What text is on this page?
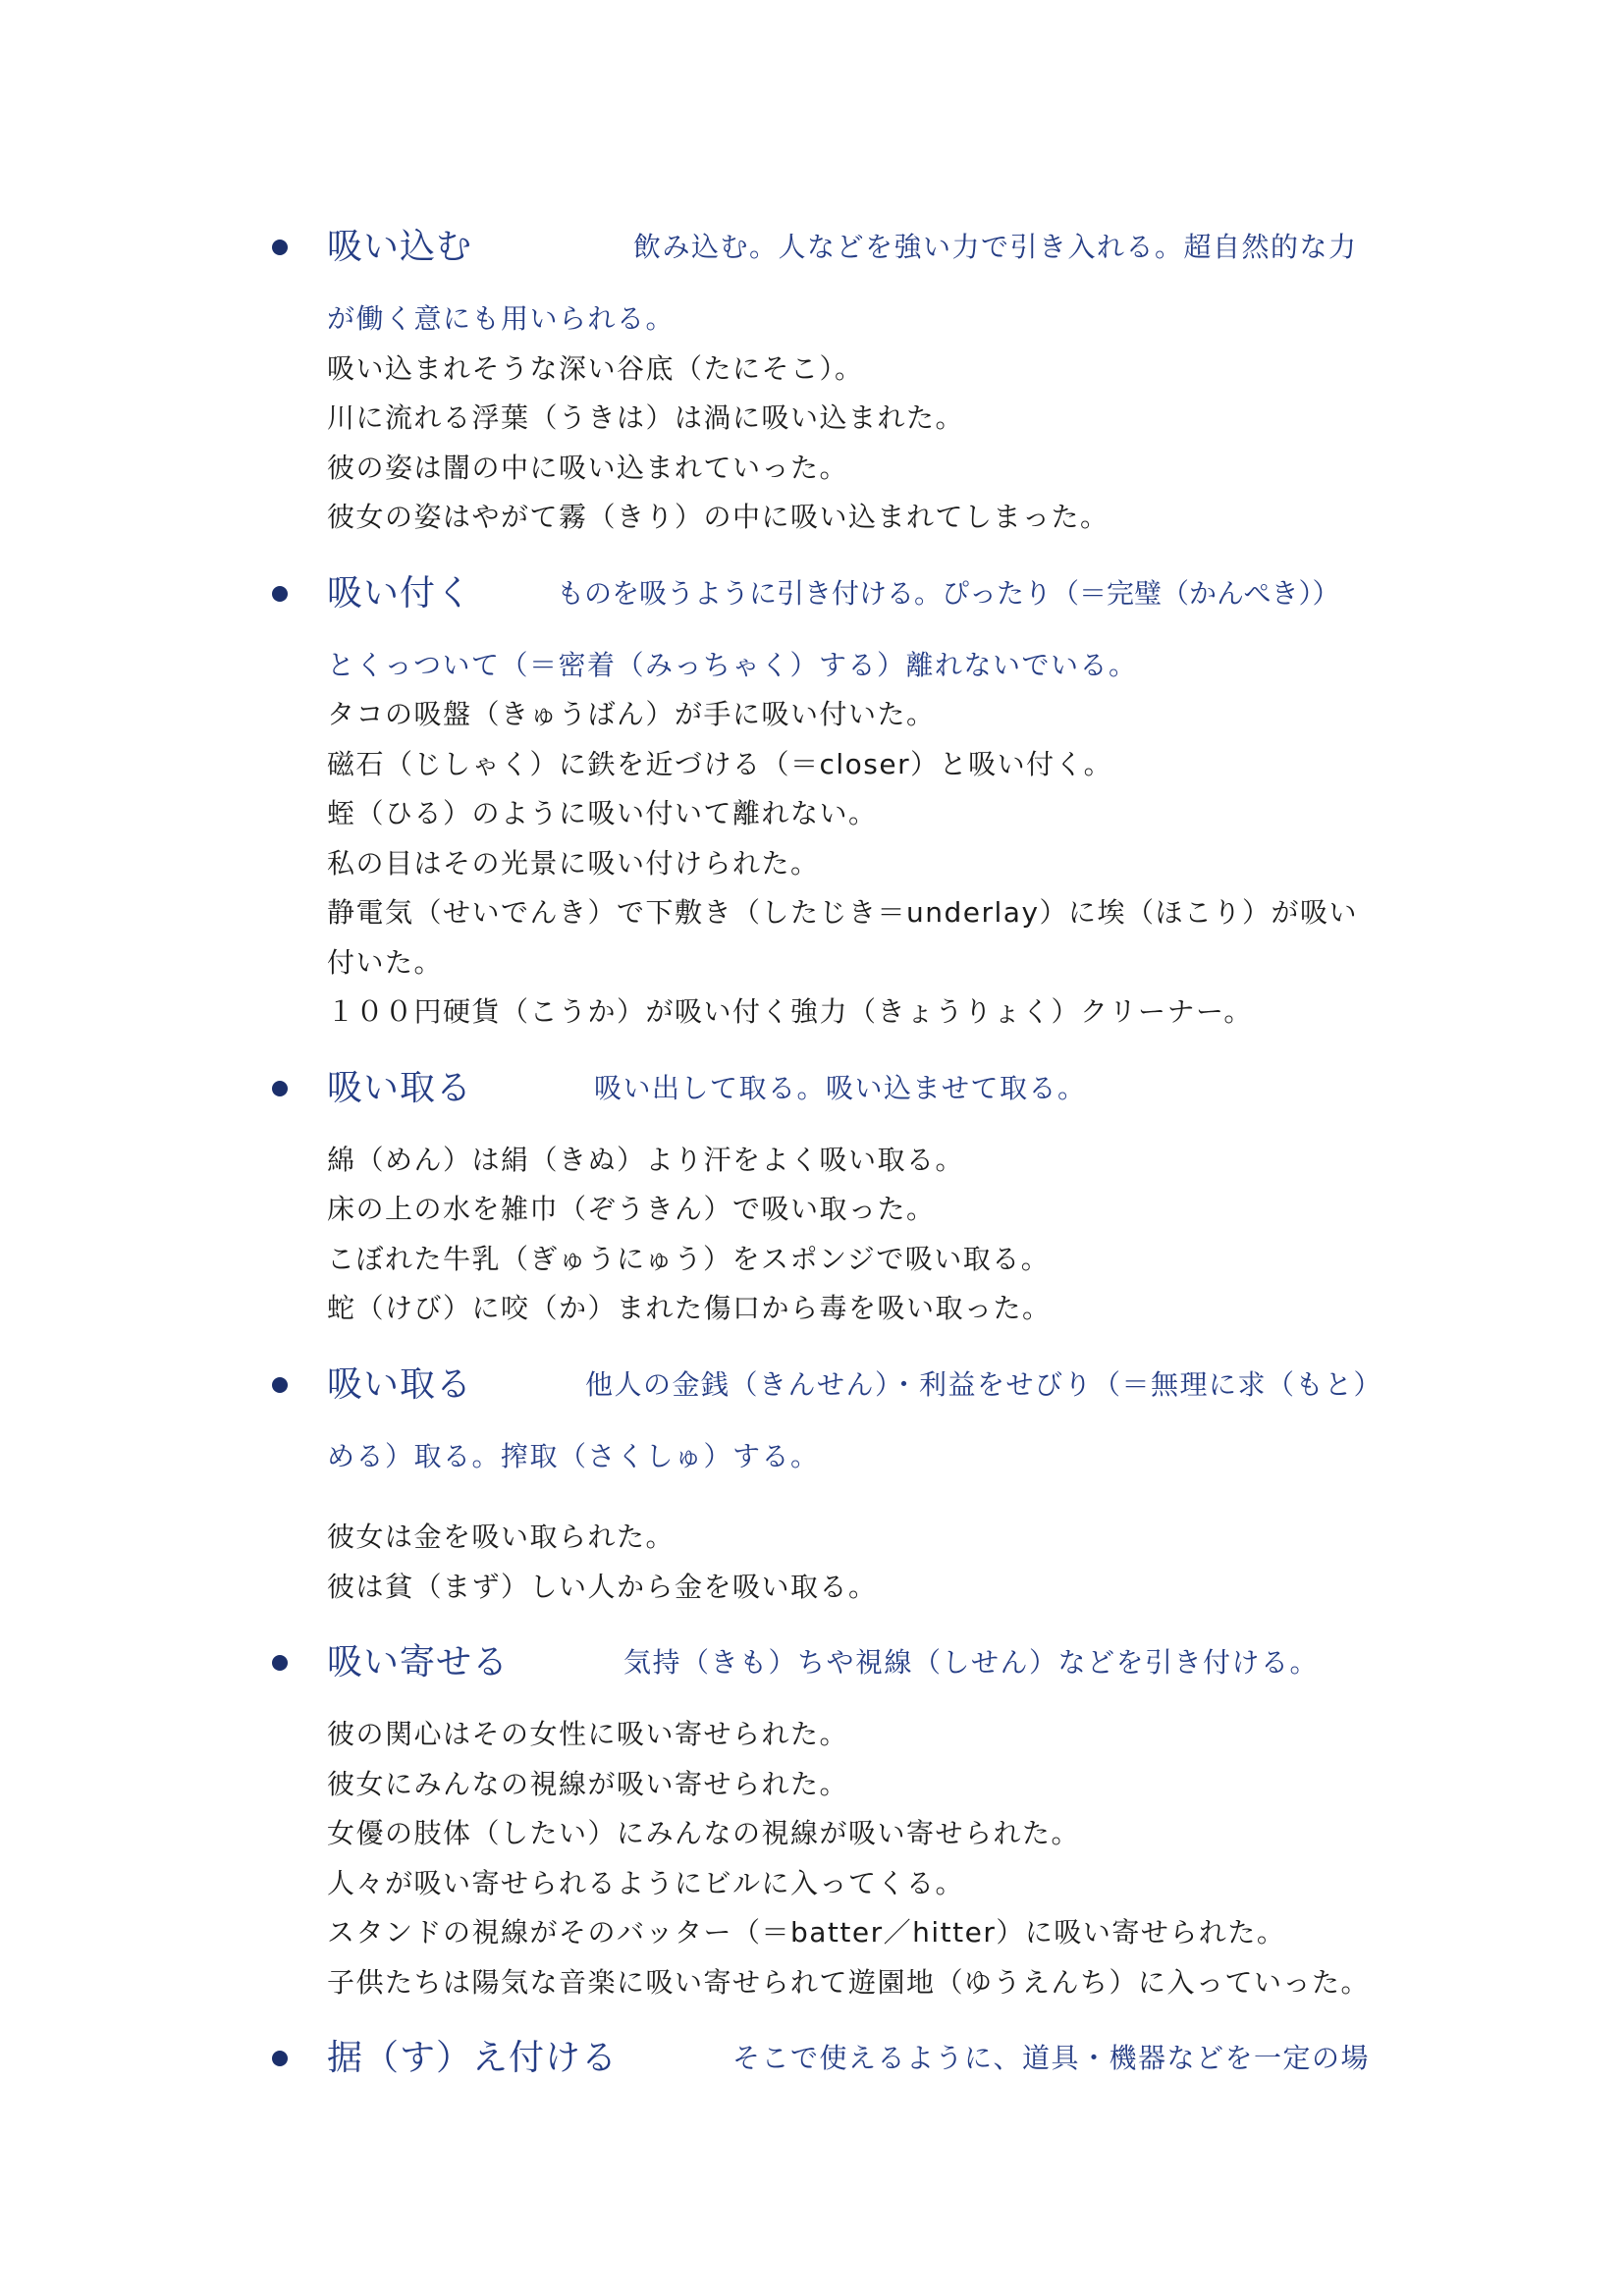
吸い込む	飲み込む。人などを強い力で引き入れる。超自然的な力
が働く意にも用いられる。
吸い込まれそうな深い谷底（たにそこ）。
川に流れる浮葉（うきは）は渦に吸い込まれた。
彼の姿は闇の中に吸い込まれていった。
彼女の姿はやがて霧（きり）の中に吸い込まれてしまった。
吸い付く	ものを吸うように引き付ける。ぴったり（＝完璧（かんぺき））
とくっついて（＝密着（みっちゃく）する）離れないでいる。
タコの吸盤（きゅうばん）が手に吸い付いた。
磁石（じしゃく）に鉄を近づける（＝closer）と吸い付く。
蛭（ひる）のように吸い付いて離れない。
私の目はその光景に吸い付けられた。
静電気（せいでんき）で下敷き（したじき＝underlay）に埃（ほこり）が吸い
付いた。
１００円硬貨（こうか）が吸い付く強力（きょうりょく）クリーナー。
吸い取る	吸い出して取る。吸い込ませて取る。
綿（めん）は絹（きぬ）より汗をよく吸い取る。
床の上の水を雑巾（ぞうきん）で吸い取った。
こぼれた牛乳（ぎゅうにゅう）をスポンジで吸い取る。
蛇（けび）に咬（か）まれた傷口から毒を吸い取った。
吸い取る	他人の金銭（きんせん）・利益をせびり（＝無理に求（もと）
める）取る。搾取（さくしゅ）する。
彼女は金を吸い取られた。
彼は貧（まず）しい人から金を吸い取る。
吸い寄せる	気持（きも）ちや視線（しせん）などを引き付ける。
彼の関心はその女性に吸い寄せられた。
彼女にみんなの視線が吸い寄せられた。
女優の肢体（したい）にみんなの視線が吸い寄せられた。
人々が吸い寄せられるようにビルに入ってくる。
スタンドの視線がそのバッター（＝batter／hitter）に吸い寄せられた。
子供たちは陽気な音楽に吸い寄せられて遊園地（ゆうえんち）に入っていった。
据（す）え付ける	そこで使えるように、道具・機器などを一定の場
